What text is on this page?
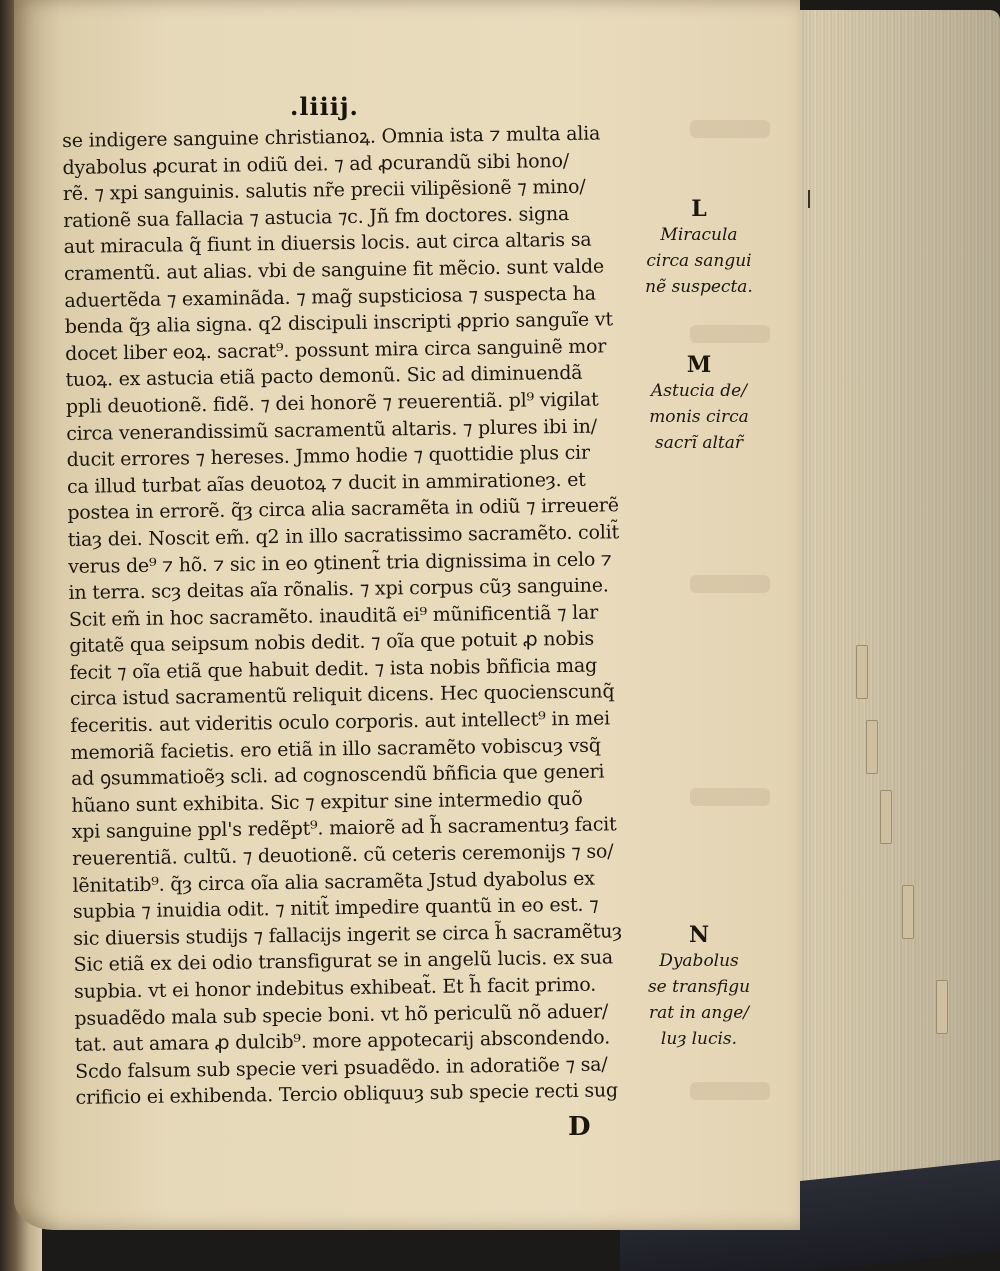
.liiij.
se indigere sanguine christianoꝝ. Omnia ista ⁊ multa alia
dyabolus ꝓcurat in odiũ dei. ⁊ ad ꝓcurandũ sibi hono/
rẽ. ⁊ xpi sanguinis. salutis nr̃e precii vilipẽsionẽ ⁊ mino/
rationẽ sua fallacia ⁊ astucia ⁊c. Jñ fm doctores. signa
aut miracula q̃ fiunt in diuersis locis. aut circa altaris sa
cramentũ. aut alias. vbi de sanguine fit mẽcio. sunt valde
aduertẽda ⁊ examinãda. ⁊ mag̃ supsticiosa ⁊ suspecta ha
benda q̃ȝ alia signa. q2 discipuli inscripti ꝓprio sanguĩe vt
docet liber eoꝝ. sacrat⁹. possunt mira circa sanguinẽ mor
tuoꝝ. ex astucia etiã pacto demonũ. Sic ad diminuendã
ppli deuotionẽ. fidẽ. ⁊ dei honorẽ ⁊ reuerentiã. pl⁹ vigilat
circa venerandissimũ sacramentũ altaris. ⁊ plures ibi in/
ducit errores ⁊ hereses. Jmmo hodie ⁊ quottidie plus cir
ca illud turbat aĩas deuotoꝝ ⁊ ducit in ammirationeȝ. et
postea in errorẽ. q̃ȝ circa alia sacramẽta in odiũ ⁊ irreuerẽ
tiaȝ dei. Noscit em̃. q2 in illo sacratissimo sacramẽto. colit̃
verus de⁹ ⁊ hõ. ⁊ sic in eo ꝯtinent̃ tria dignissima in celo ⁊
in terra. scȝ deitas aĩa rõnalis. ⁊ xpi corpus cũȝ sanguine.
Scit em̃ in hoc sacramẽto. inauditã ei⁹ mũnificentiã ⁊ lar
gitatẽ qua seipsum nobis dedit. ⁊ oĩa que potuit ꝓ nobis
fecit ⁊ oĩa etiã que habuit dedit. ⁊ ista nobis bñficia mag
circa istud sacramentũ reliquit dicens. Hec quocienscunq̃
feceritis. aut videritis oculo corporis. aut intellect⁹ in mei
memoriã facietis. ero etiã in illo sacramẽto vobiscuȝ vsq̃
ad ꝯsummatioẽȝ scli. ad cognoscendũ bñficia que generi
hũano sunt exhibita. Sic ⁊ expitur sine intermedio quõ
xpi sanguine ppl's redẽpt⁹. maiorẽ ad h̃ sacramentuȝ facit
reuerentiã. cultũ. ⁊ deuotionẽ. cũ ceteris ceremonijs ⁊ so/
lẽnitatib⁹. q̃ȝ circa oĩa alia sacramẽta Jstud dyabolus ex
supbia ⁊ inuidia odit. ⁊ nitit̃ impedire quantũ in eo est. ⁊
sic diuersis studijs ⁊ fallacijs ingerit se circa h̃ sacramẽtuȝ
Sic etiã ex dei odio transfigurat se in angelũ lucis. ex sua
supbia. vt ei honor indebitus exhibeat̃. Et h̃ facit primo.
psuadẽdo mala sub specie boni. vt hõ periculũ nõ aduer/
tat. aut amara ꝓ dulcib⁹. more appotecarij abscondendo.
Scdo falsum sub specie veri psuadẽdo. in adoratiõe ⁊ sa/
crificio ei exhibenda. Tercio obliquuȝ sub specie recti sug
D
L
Miracula
circa sangui
nẽ suspecta.
M
Astucia de/
monis circa
sacrĩ altar̃
N
Dyabolus
se transfigu
rat in ange/
luȝ lucis.
